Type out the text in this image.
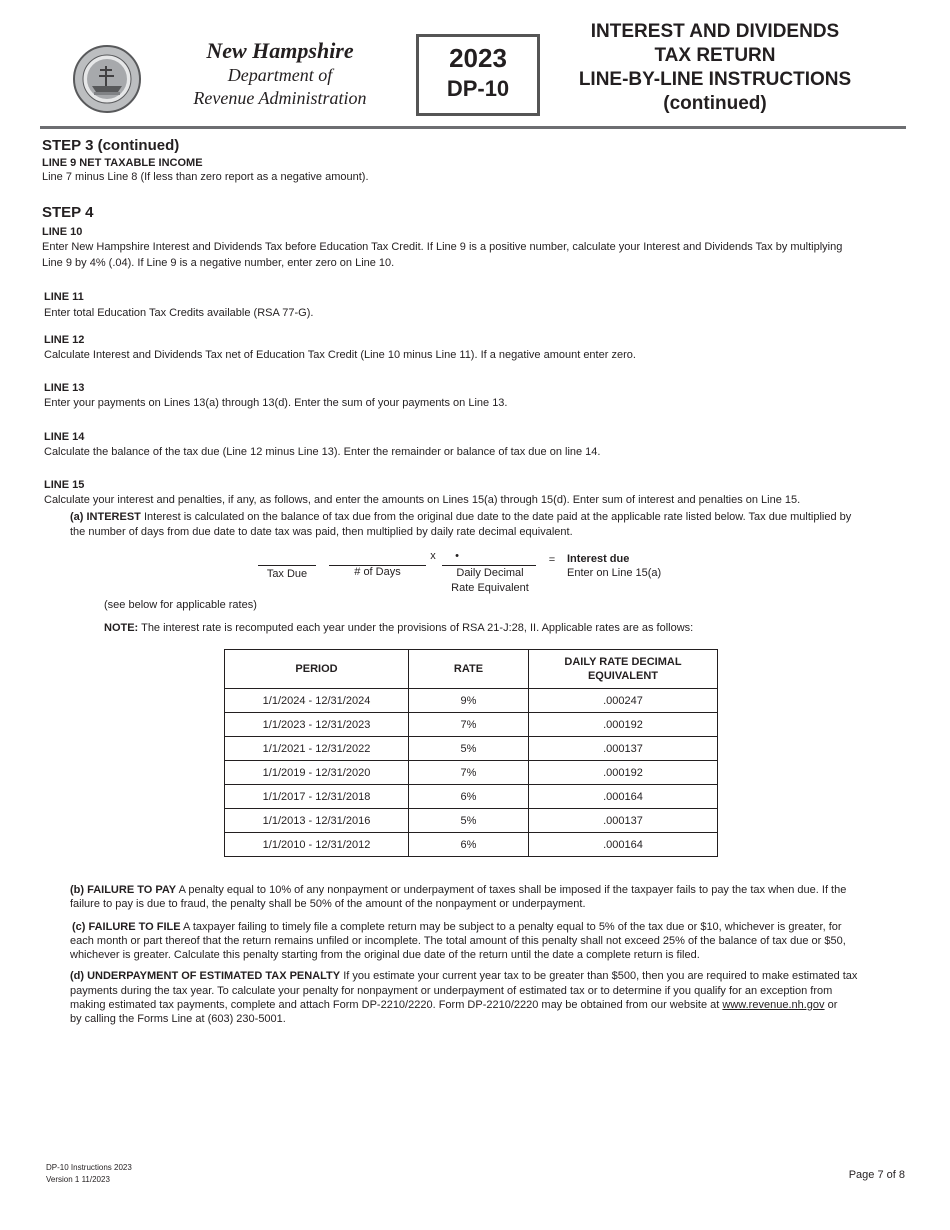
New Hampshire
Department of
Revenue Administration
2023
DP-10
INTEREST AND DIVIDENDS
TAX RETURN
LINE-BY-LINE INSTRUCTIONS
(continued)
STEP 3 (continued)
LINE 9 NET TAXABLE INCOME
Line 7 minus Line 8 (If less than zero report as a negative amount).
STEP 4
LINE 10
Enter New Hampshire Interest and Dividends Tax before Education Tax Credit. If Line 9 is a positive number, calculate your Interest and Dividends Tax by multiplying
Line 9 by 4% (.04). If Line 9 is a negative number, enter zero on Line 10.
LINE 11
Enter total Education Tax Credits available (RSA 77-G).
LINE 12
Calculate Interest and Dividends Tax net of Education Tax Credit (Line 10 minus Line 11). If a negative amount enter zero.
LINE 13
Enter your payments on Lines 13(a) through 13(d). Enter the sum of your payments on Line 13.
LINE 14
Calculate the balance of the tax due (Line 12 minus Line 13). Enter the remainder or balance of tax due on line 14.
LINE 15
Calculate your interest and penalties, if any, as follows, and enter the amounts on Lines 15(a) through 15(d). Enter sum of interest and penalties on Line 15.
(a) INTEREST Interest is calculated on the balance of tax due from the original due date to the date paid at the applicable rate listed below. Tax due multiplied by
the number of days from due date to date tax was paid, then multiplied by daily rate decimal equivalent.
Tax Due	# of Days
x	•
Daily Decimal
Rate Equivalent
=	Interest due
Enter on Line 15(a)
(see below for applicable rates)
NOTE: The interest rate is recomputed each year under the provisions of RSA 21-J:28, II. Applicable rates are as follows:
PERIOD	RATE	DAILY RATE DECIMAL EQUIVALENT
1/1/2024 - 12/31/2024	9%	.000247
1/1/2023 - 12/31/2023	7%	.000192
1/1/2021 - 12/31/2022	5%	.000137
1/1/2019 - 12/31/2020	7%	.000192
1/1/2017 - 12/31/2018	6%	.000164
1/1/2013 - 12/31/2016	5%	.000137
1/1/2010 - 12/31/2012	6%	.000164
(b) FAILURE TO PAY A penalty equal to 10% of any nonpayment or underpayment of taxes shall be imposed if the taxpayer fails to pay the tax when due. If the
failure to pay is due to fraud, the penalty shall be 50% of the amount of the nonpayment or underpayment.
(c) FAILURE TO FILE A taxpayer failing to timely file a complete return may be subject to a penalty equal to 5% of the tax due or $10, whichever is greater, for
each month or part thereof that the return remains unfiled or incomplete. The total amount of this penalty shall not exceed 25% of the balance of tax due or $50,
whichever is greater. Calculate this penalty starting from the original due date of the return until the date a complete return is filed.
(d) UNDERPAYMENT OF ESTIMATED TAX PENALTY If you estimate your current year tax to be greater than $500, then you are required to make estimated tax
payments during the tax year. To calculate your penalty for nonpayment or underpayment of estimated tax or to determine if you qualify for an exception from
making estimated tax payments, complete and attach Form DP-2210/2220. Form DP-2210/2220 may be obtained from our website at www.revenue.nh.gov or
by calling the Forms Line at (603) 230-5001.
DP-10 Instructions 2023
Version 1 11/2023	Page 7 of 8
